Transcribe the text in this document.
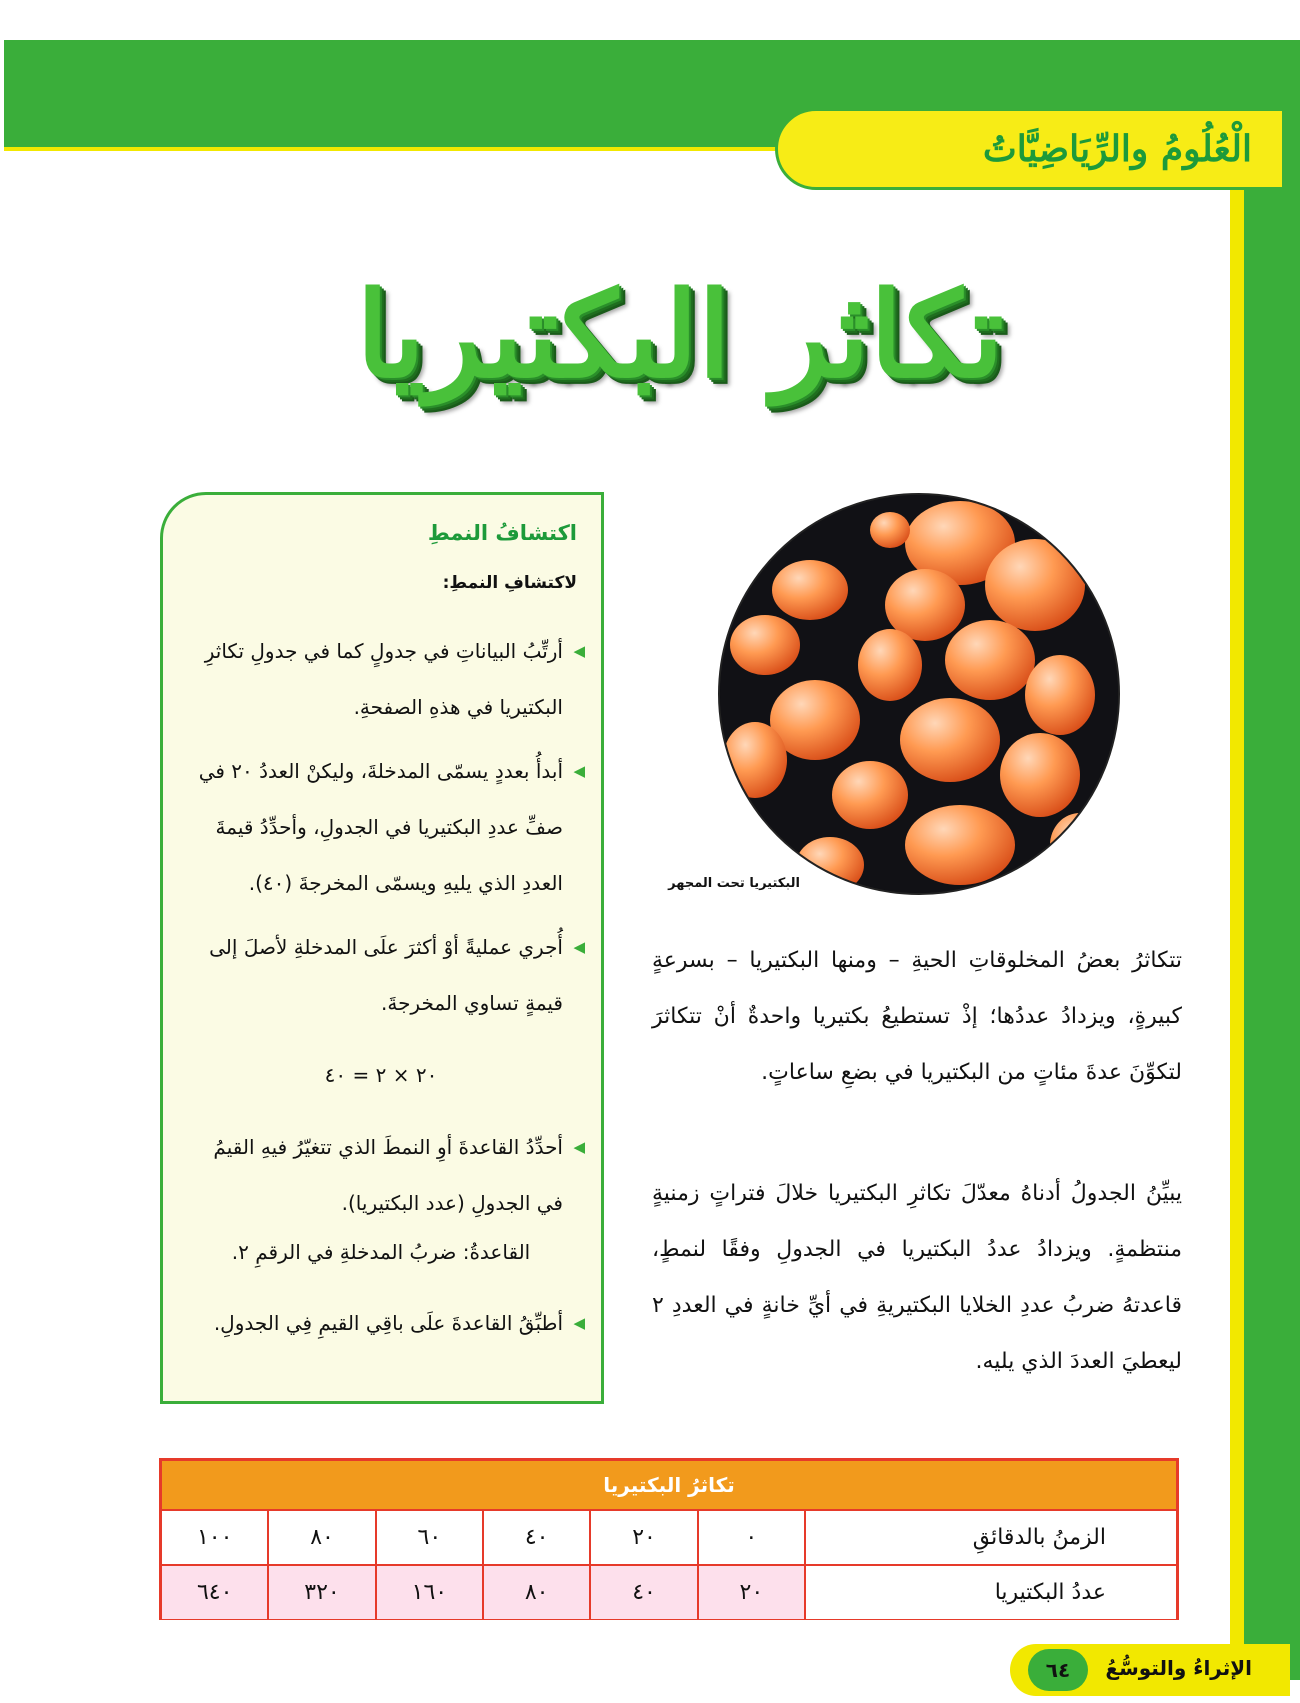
الْعُلُومُ والرِّيَاضِيَّاتُ
تكاثر البكتيريا
اكتشافُ النمطِ
لاكتشافِ النمطِ:
◀
أرتِّبُ البياناتِ في جدولٍ كما في جدولِ تكاثرِ البكتيريا في هذهِ الصفحةِ.
◀
أبدأُ بعددٍ يسمّى المدخلةَ، وليكنْ العددُ ٢٠ في صفِّ عددِ البكتيريا في الجدولِ، وأحدِّدُ قيمةَ العددِ الذي يليهِ ويسمّى المخرجةَ (٤٠).
◀
أُجري عمليةً أوْ أكثرَ علَى المدخلةِ لأصلَ إلى قيمةٍ تساوي المخرجةَ.
٢٠ × ٢ = ٤٠
◀
أحدِّدُ القاعدةَ أوِ النمطَ الذي تتغيّرُ فيهِ القيمُ في الجدولِ (عدد البكتيريا).
القاعدةُ: ضربُ المدخلةِ في الرقمِ ٢.
◀
أطبِّقُ القاعدةَ علَى باقِي القيمِ فِي الجدولِ.
البكتيريا تحت المجهر
تتكاثرُ بعضُ المخلوقاتِ الحيةِ – ومنها البكتيريا – بسرعةٍ كبيرةٍ، ويزدادُ عددُها؛ إذْ تستطيعُ بكتيريا واحدةٌ أنْ تتكاثرَ لتكوِّنَ عدةَ مئاتٍ من البكتيريا في بضعِ ساعاتٍ.
يبيِّنُ الجدولُ أدناهُ معدّلَ تكاثرِ البكتيريا خلالَ فتراتٍ زمنيةٍ منتظمةٍ. ويزدادُ عددُ البكتيريا في الجدولِ وفقًا لنمطٍ، قاعدتهُ ضربُ عددِ الخلايا البكتيريةِ في أيِّ خانةٍ في العددِ ٢ ليعطيَ العددَ الذي يليه.
تكاثرُ البكتيريا
الزمنُ بالدقائقِ
٠
٢٠
٤٠
٦٠
٨٠
١٠٠
عددُ البكتيريا
٢٠
٤٠
٨٠
١٦٠
٣٢٠
٦٤٠
الإثراءُ والتوسُّعُ
٦٤
